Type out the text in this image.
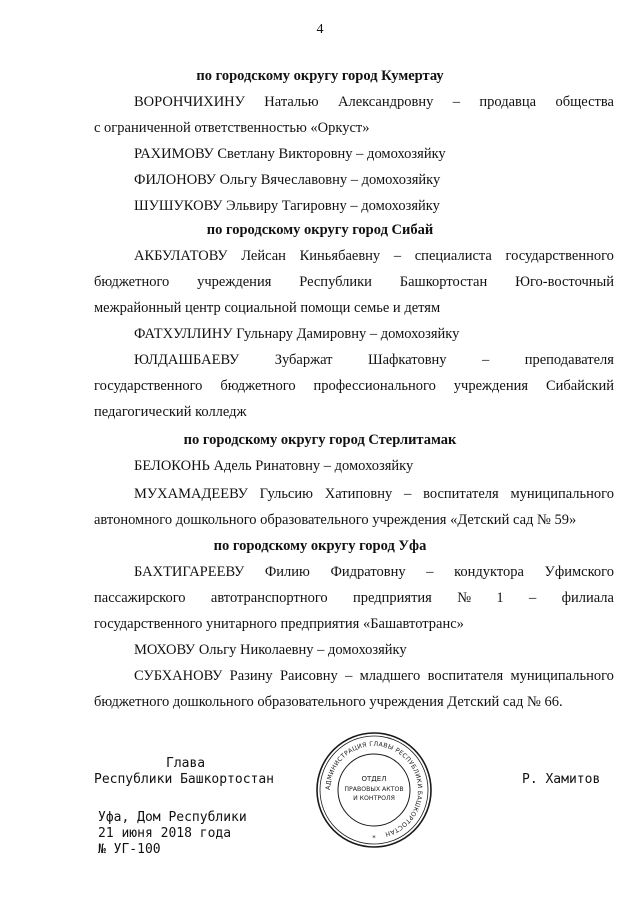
4
по городскому округу город Кумертау
ВОРОНЧИХИНУ Наталью Александровну – продавца общества
с ограниченной ответственностью «Оркуст»
РАХИМОВУ Светлану Викторовну – домохозяйку
ФИЛОНОВУ Ольгу Вячеславовну – домохозяйку
ШУШУКОВУ Эльвиру Тагировну – домохозяйку
по городскому округу город Сибай
АКБУЛАТОВУ Лейсан Киньябаевну – специалиста государственного
бюджетного учреждения Республики Башкортостан Юго-восточный
межрайонный центр социальной помощи семье и детям
ФАТХУЛЛИНУ Гульнару Дамировну – домохозяйку
ЮЛДАШБАЕВУ Зубаржат Шафкатовну – преподавателя
государственного бюджетного профессионального учреждения Сибайский
педагогический колледж
по городскому округу город Стерлитамак
БЕЛОКОНЬ Адель Ринатовну – домохозяйку
МУХАМАДЕЕВУ Гульсию Хатиповну – воспитателя муниципального
автономного дошкольного образовательного учреждения «Детский сад № 59»
по городскому округу город Уфа
БАХТИГАРЕЕВУ Филию Фидратовну – кондуктора Уфимского
пассажирского автотранспортного предприятия № 1 – филиала
государственного унитарного предприятия «Башавтотранс»
МОХОВУ Ольгу Николаевну – домохозяйку
СУБХАНОВУ Разину Раисовну – младшего воспитателя муниципального
бюджетного дошкольного образовательного учреждения Детский сад № 66.
Глава
Республики Башкортостан	Р. Хамитов
Уфа, Дом Республики
21 июня 2018 года
№ УГ-100
АДМИНИСТРАЦИЯ ГЛАВЫ РЕСПУБЛИКИ БАШКОРТОСТАН
ОТДЕЛ
ПРАВОВЫХ АКТОВ
И КОНТРОЛЯ
*
